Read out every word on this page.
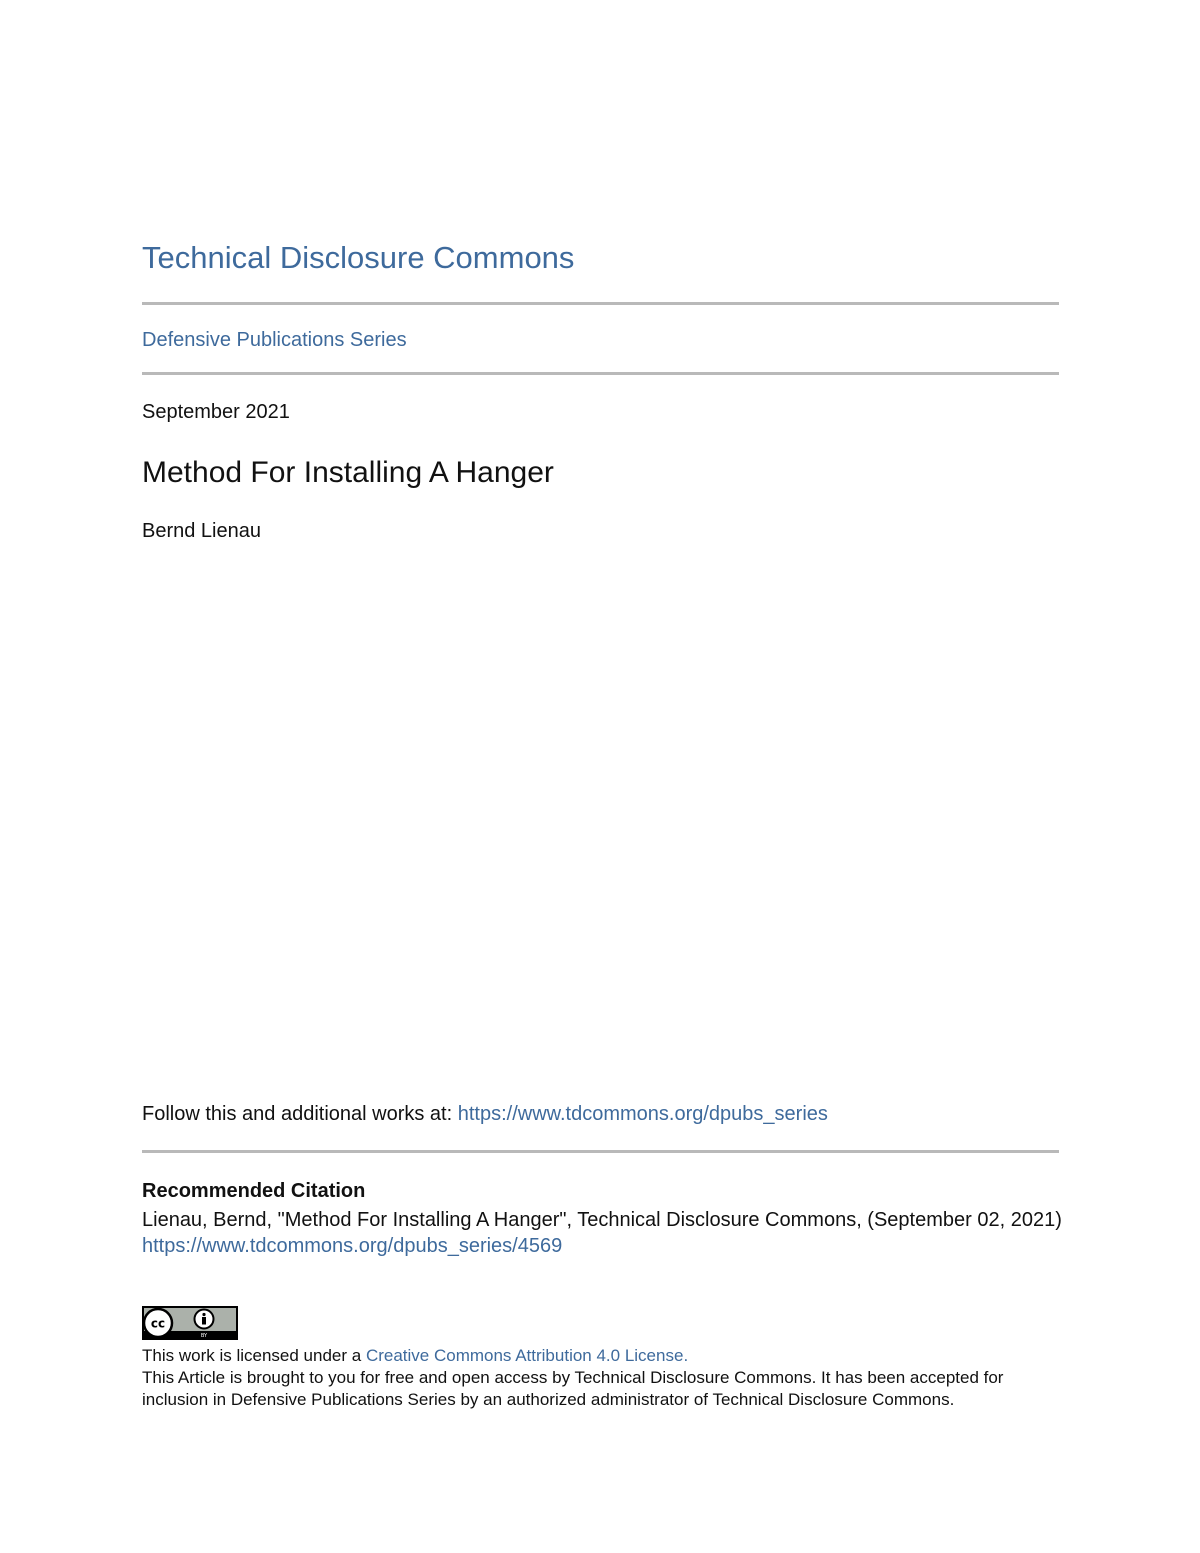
Technical Disclosure Commons
Defensive Publications Series
September 2021
Method For Installing A Hanger
Bernd Lienau
Follow this and additional works at: https://www.tdcommons.org/dpubs_series
Recommended Citation
Lienau, Bernd, "Method For Installing A Hanger", Technical Disclosure Commons, (September 02, 2021)
https://www.tdcommons.org/dpubs_series/4569
BY
cc

This work is licensed under a Creative Commons Attribution 4.0 License.

This Article is brought to you for free and open access by Technical Disclosure Commons. It has been accepted for inclusion in Defensive Publications Series by an authorized administrator of Technical Disclosure Commons.
